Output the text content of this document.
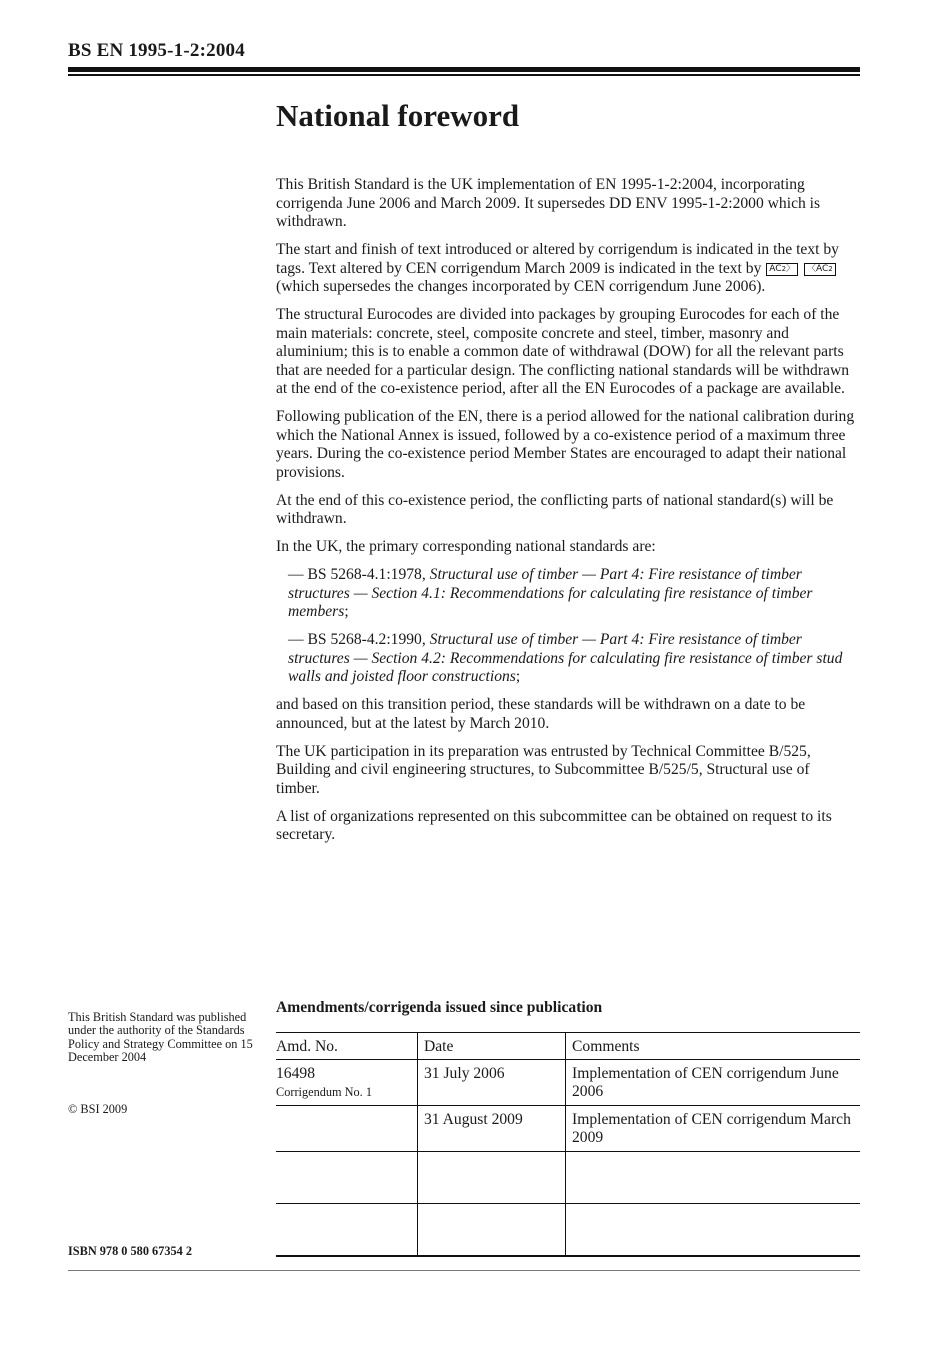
BS EN 1995-1-2:2004
National foreword

This British Standard is the UK implementation of EN 1995-1-2:2004, incorporating corrigenda June 2006 and March 2009. It supersedes DD ENV 1995-1-2:2000 which is withdrawn.

The start and finish of text introduced or altered by corrigendum is indicated in the text by tags. Text altered by CEN corrigendum March 2009 is indicated in the text by AC2〉 〈AC2 (which supersedes the changes incorporated by CEN corrigendum June 2006).

The structural Eurocodes are divided into packages by grouping Eurocodes for each of the main materials: concrete, steel, composite concrete and steel, timber, masonry and aluminium; this is to enable a common date of withdrawal (DOW) for all the relevant parts that are needed for a particular design. The conflicting national standards will be withdrawn at the end of the co-existence period, after all the EN Eurocodes of a package are available.

Following publication of the EN, there is a period allowed for the national calibration during which the National Annex is issued, followed by a co-existence period of a maximum three years. During the co-existence period Member States are encouraged to adapt their national provisions.

At the end of this co-existence period, the conflicting parts of national standard(s) will be withdrawn.

In the UK, the primary corresponding national standards are:

— BS 5268-4.1:1978, Structural use of timber — Part 4: Fire resistance of timber structures — Section 4.1: Recommendations for calculating fire resistance of timber members;

— BS 5268-4.2:1990, Structural use of timber — Part 4: Fire resistance of timber structures — Section 4.2: Recommendations for calculating fire resistance of timber stud walls and joisted floor constructions;

and based on this transition period, these standards will be withdrawn on a date to be announced, but at the latest by March 2010.

The UK participation in its preparation was entrusted by Technical Committee B/525, Building and civil engineering structures, to Subcommittee B/525/5, Structural use of timber.

A list of organizations represented on this subcommittee can be obtained on request to its secretary.

This British Standard was published under the authority of the Standards Policy and Strategy Committee on 15 December 2004
© BSI 2009
ISBN 978 0 580 67354 2
Amendments/corrigenda issued since publication
Amd. No.	Date	Comments

16498
Corrigendum No. 1	31 July 2006	Implementation of CEN corrigendum June 2006

	31 August 2009	Implementation of CEN corrigendum March 2009
